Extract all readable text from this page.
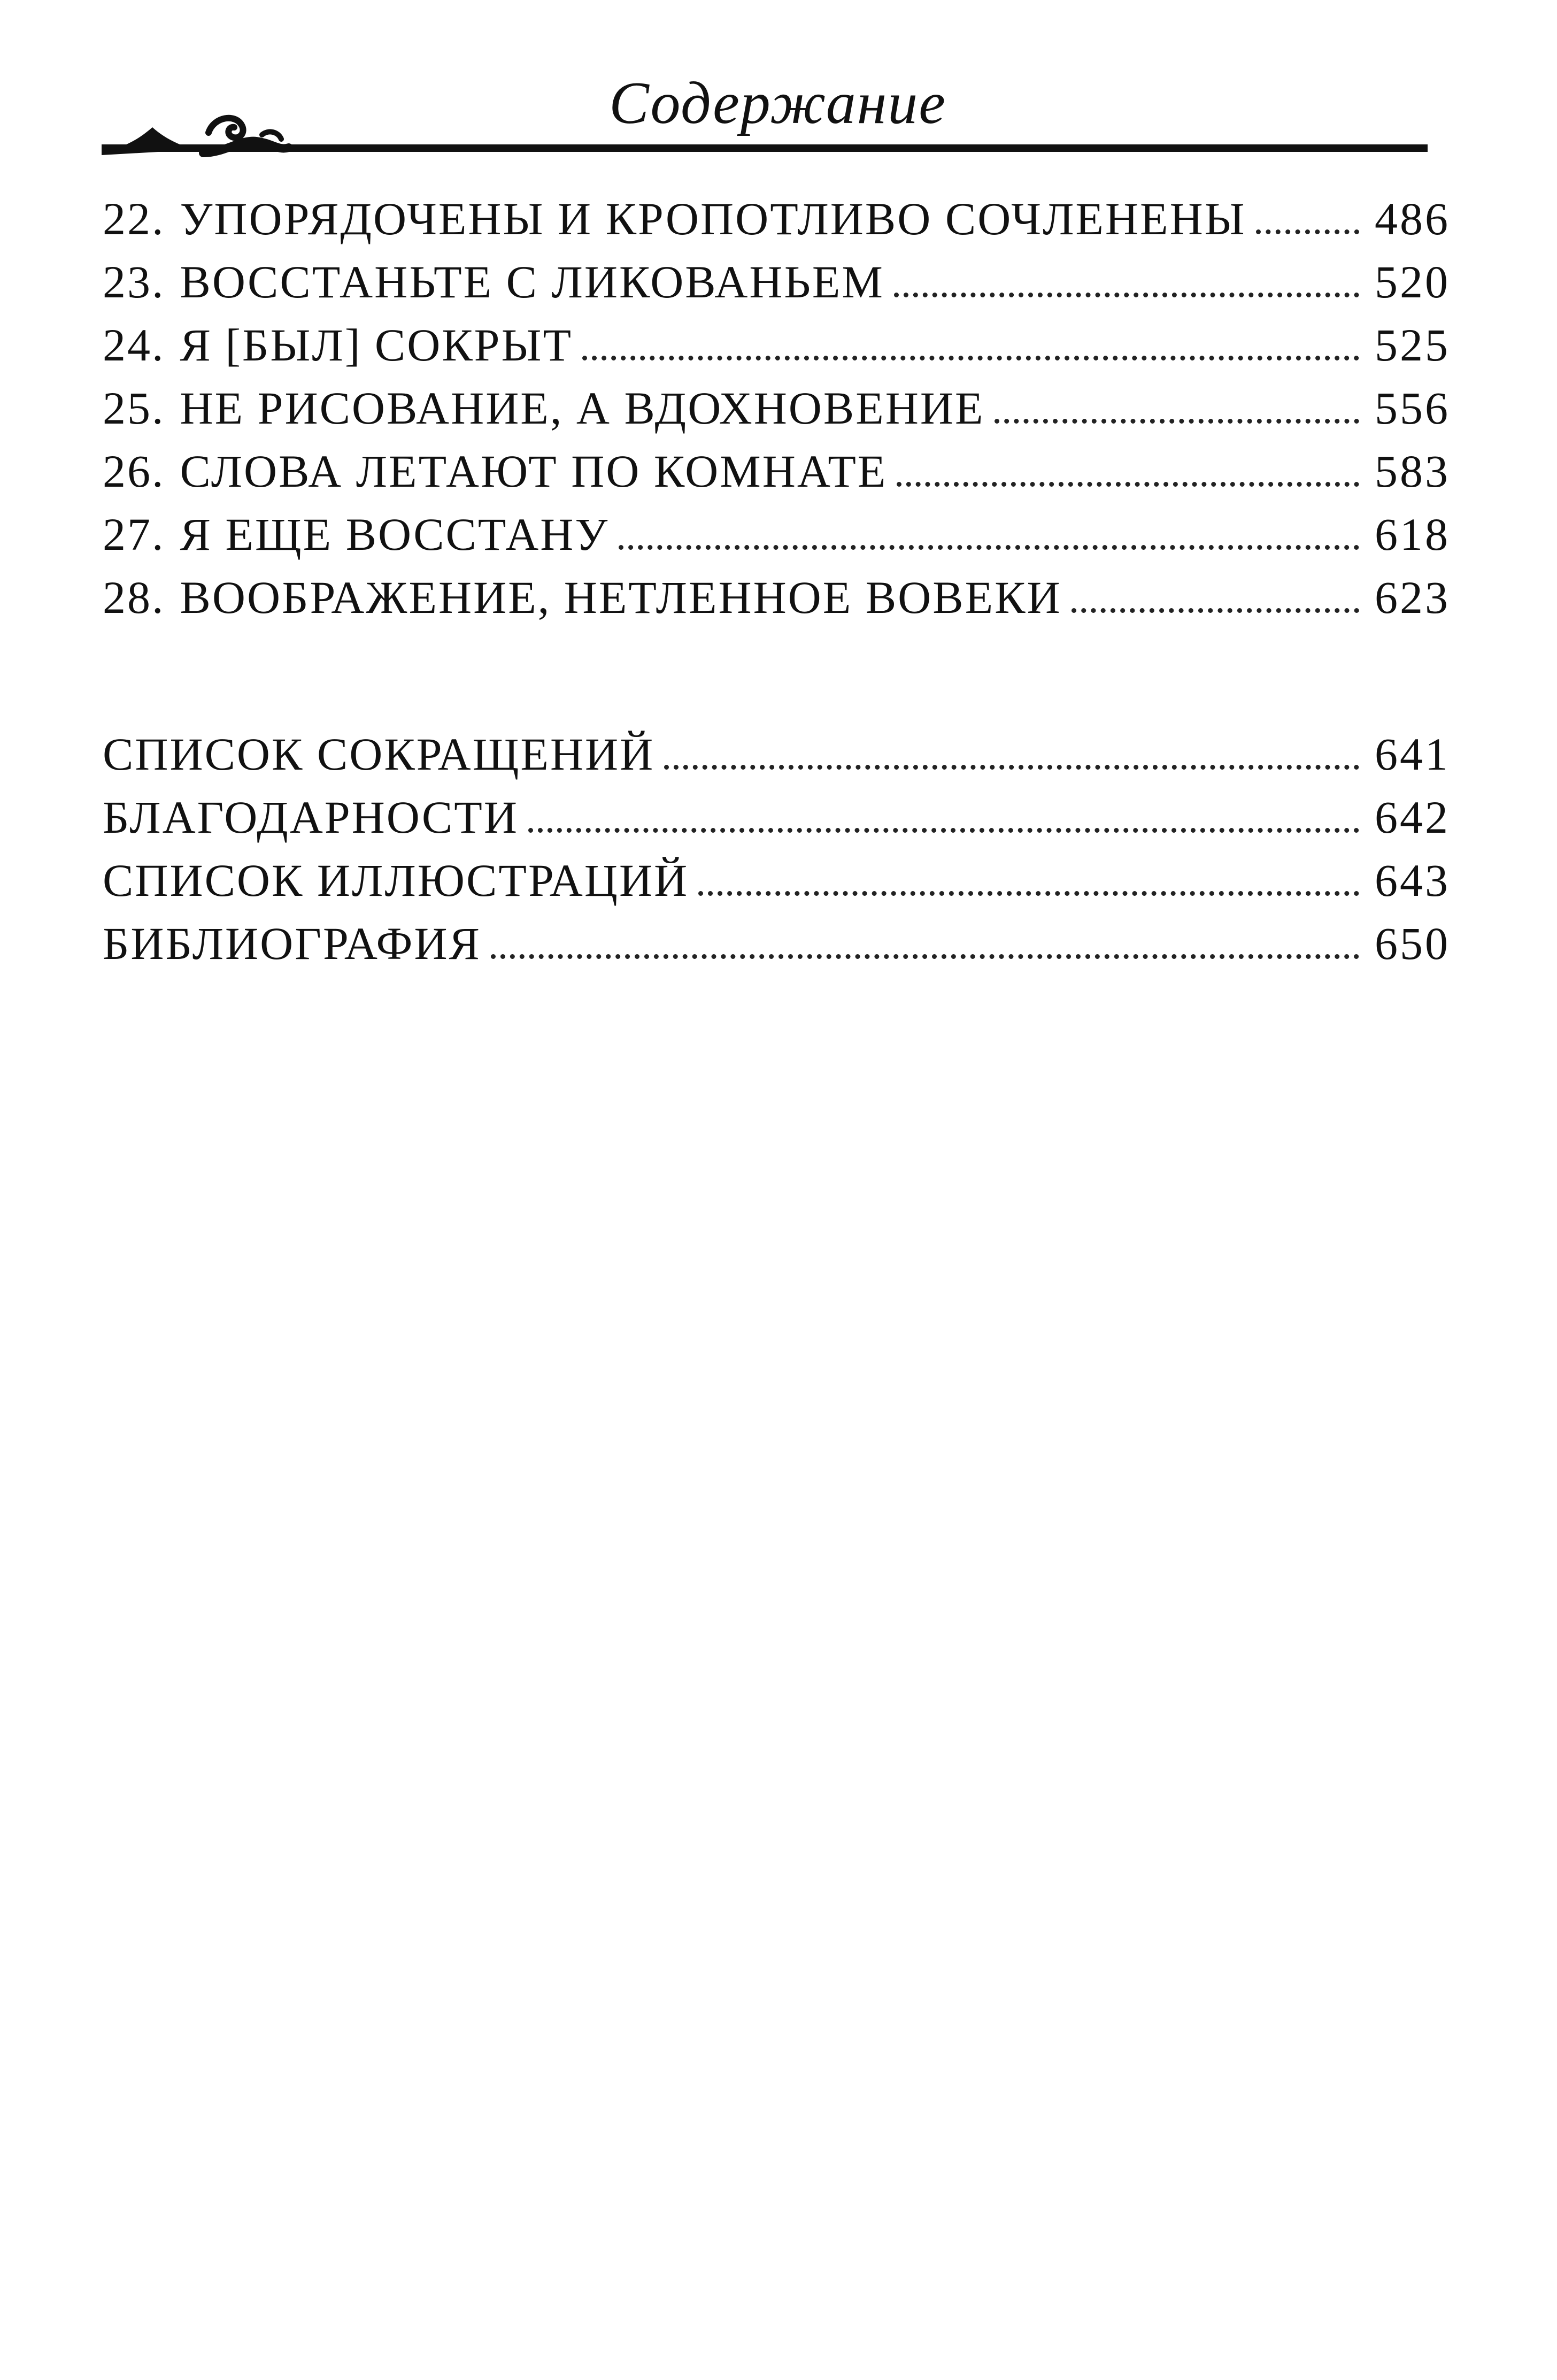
Содержание
22. УПОРЯДОЧЕНЫ И КРОПОТЛИВО СОЧЛЕНЕНЫ	486
23. ВОССТАНЬТЕ С ЛИКОВАНЬЕМ	520
24. Я [БЫЛ] СОКРЫТ	525
25. НЕ РИСОВАНИЕ, А ВДОХНОВЕНИЕ	556
26. СЛОВА ЛЕТАЮТ ПО КОМНАТЕ	583
27. Я ЕЩЕ ВОССТАНУ	618
28. ВООБРАЖЕНИЕ, НЕТЛЕННОЕ ВОВЕКИ	623
СПИСОК СОКРАЩЕНИЙ	641
БЛАГОДАРНОСТИ	642
СПИСОК ИЛЛЮСТРАЦИЙ	643
БИБЛИОГРАФИЯ	650
